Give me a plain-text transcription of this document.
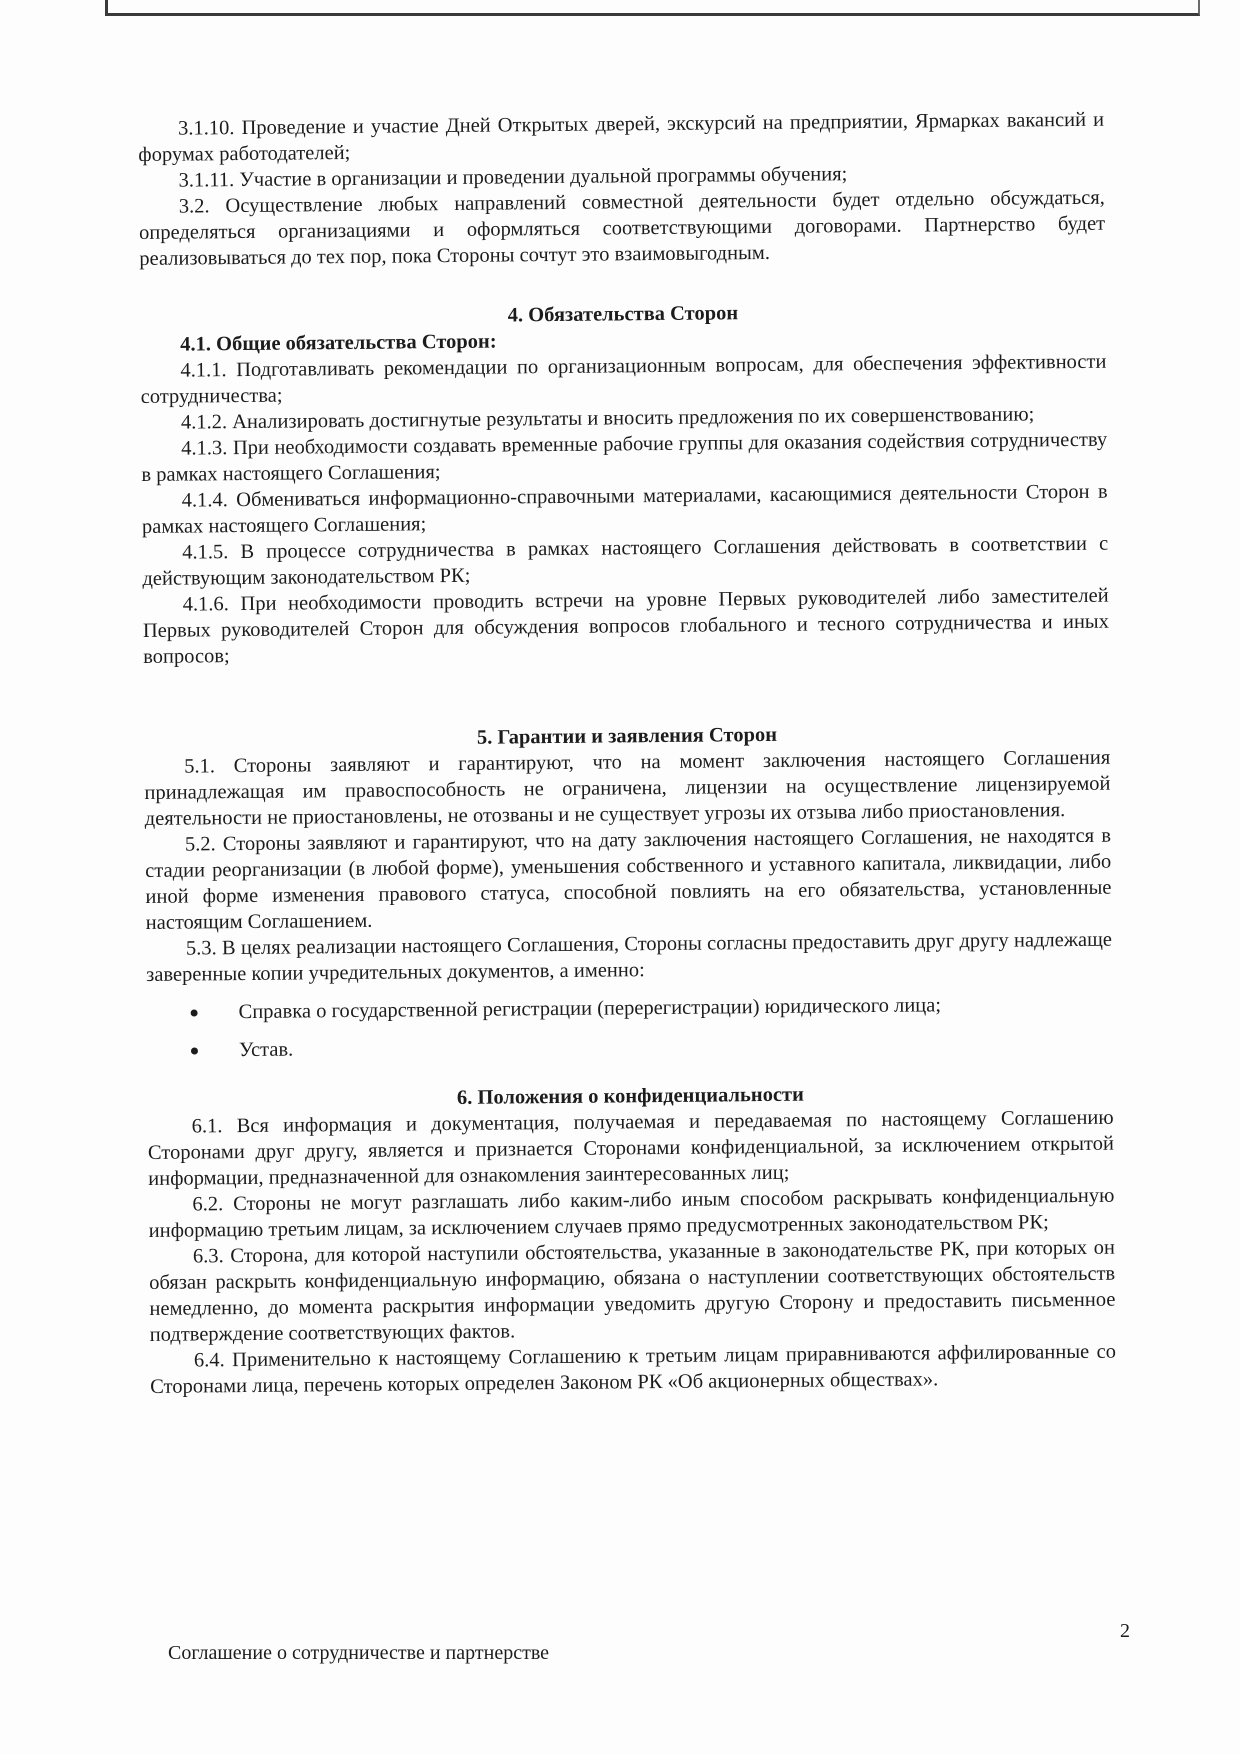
3.1.10. Проведение и участие Дней Открытых дверей, экскурсий на предприятии, Ярмарках вакансий и форумах работодателей;

3.1.11. Участие в организации и проведении дуальной программы обучения;

3.2. Осуществление любых направлений совместной деятельности будет отдельно обсуждаться, определяться организациями и оформляться соответствующими договорами. Партнерство будет реализовываться до тех пор, пока Стороны сочтут это взаимовыгодным.

4. Обязательства Сторон

4.1. Общие обязательства Сторон:

4.1.1. Подготавливать рекомендации по организационным вопросам, для обеспечения эффективности сотрудничества;

4.1.2. Анализировать достигнутые результаты и вносить предложения по их совершенствованию;

4.1.3. При необходимости создавать временные рабочие группы для оказания содействия сотрудничеству в рамках настоящего Соглашения;

4.1.4. Обмениваться информационно-справочными материалами, касающимися деятельности Сторон в рамках настоящего Соглашения;

4.1.5. В процессе сотрудничества в рамках настоящего Соглашения действовать в соответствии с действующим законодательством РК;

4.1.6. При необходимости проводить встречи на уровне Первых руководителей либо заместителей Первых руководителей Сторон для обсуждения вопросов глобального и тесного сотрудничества и иных вопросов;

5. Гарантии и заявления Сторон

5.1. Стороны заявляют и гарантируют, что на момент заключения настоящего Соглашения принадлежащая им правоспособность не ограничена, лицензии на осуществление лицензируемой деятельности не приостановлены, не отозваны и не существует угрозы их отзыва либо приостановления.

5.2. Стороны заявляют и гарантируют, что на дату заключения настоящего Соглашения, не находятся в стадии реорганизации (в любой форме), уменьшения собственного и уставного капитала, ликвидации, либо иной форме изменения правового статуса, способной повлиять на его обязательства, установленные настоящим Соглашением.

5.3. В целях реализации настоящего Соглашения, Стороны согласны предоставить друг другу надлежаще заверенные копии учредительных документов, а именно:

Справка о государственной регистрации (перерегистрации) юридического лица;
Устав.

6. Положения о конфиденциальности

6.1. Вся информация и документация, получаемая и передаваемая по настоящему Соглашению Сторонами друг другу, является и признается Сторонами конфиденциальной, за исключением открытой информации, предназначенной для ознакомления заинтересованных лиц;

6.2. Стороны не могут разглашать либо каким-либо иным способом раскрывать конфиденциальную информацию третьим лицам, за исключением случаев прямо предусмотренных законодательством РК;

6.3. Сторона, для которой наступили обстоятельства, указанные в законодательстве РК, при которых он обязан раскрыть конфиденциальную информацию, обязана о наступлении соответствующих обстоятельств немедленно, до момента раскрытия информации уведомить другую Сторону и предоставить письменное подтверждение соответствующих фактов.

6.4. Применительно к настоящему Соглашению к третьим лицам приравниваются аффилированные со Сторонами лица, перечень которых определен Законом РК «Об акционерных обществах».

2
Соглашение о сотрудничестве и партнерстве
